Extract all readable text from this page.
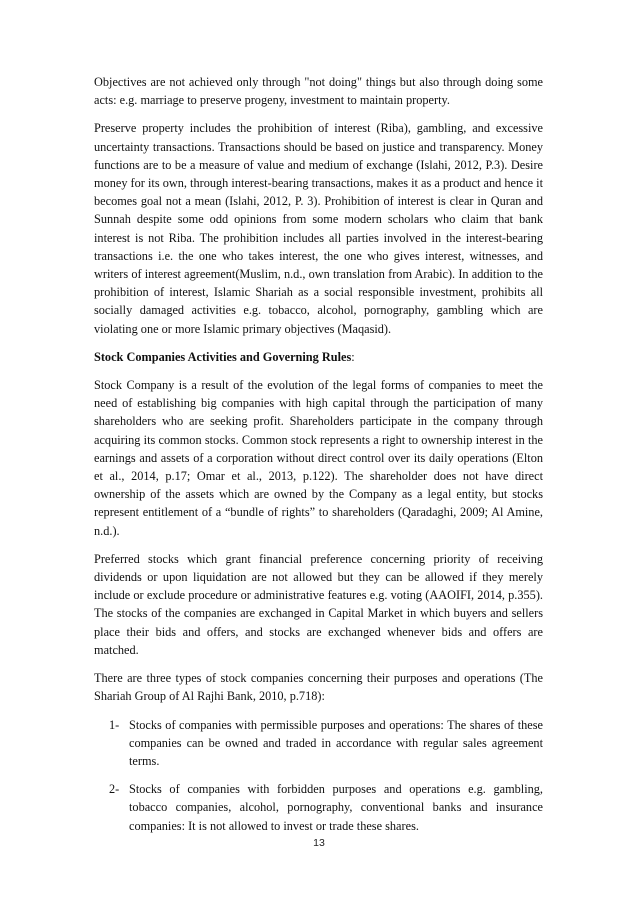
Objectives are not achieved only through "not doing" things but also through doing some acts: e.g. marriage to preserve progeny, investment to maintain property.

Preserve property includes the prohibition of interest (Riba), gambling, and excessive uncertainty transactions. Transactions should be based on justice and transparency. Money functions are to be a measure of value and medium of exchange (Islahi, 2012, P.3). Desire money for its own, through interest-bearing transactions, makes it as a product and hence it becomes goal not a mean (Islahi, 2012, P. 3). Prohibition of interest is clear in Quran and Sunnah despite some odd opinions from some modern scholars who claim that bank interest is not Riba. The prohibition includes all parties involved in the interest-bearing transactions i.e. the one who takes interest, the one who gives interest, witnesses, and writers of interest agreement(Muslim, n.d., own translation from Arabic). In addition to the prohibition of interest, Islamic Shariah as a social responsible investment, prohibits all socially damaged activities e.g. tobacco, alcohol, pornography, gambling which are violating one or more Islamic primary objectives (Maqasid).

Stock Companies Activities and Governing Rules:

Stock Company is a result of the evolution of the legal forms of companies to meet the need of establishing big companies with high capital through the participation of many shareholders who are seeking profit. Shareholders participate in the company through acquiring its common stocks. Common stock represents a right to ownership interest in the earnings and assets of a corporation without direct control over its daily operations (Elton et al., 2014, p.17; Omar et al., 2013, p.122). The shareholder does not have direct ownership of the assets which are owned by the Company as a legal entity, but stocks represent entitlement of a “bundle of rights” to shareholders (Qaradaghi, 2009; Al Amine, n.d.).

Preferred stocks which grant financial preference concerning priority of receiving dividends or upon liquidation are not allowed but they can be allowed if they merely include or exclude procedure or administrative features e.g. voting (AAOIFI, 2014, p.355). The stocks of the companies are exchanged in Capital Market in which buyers and sellers place their bids and offers, and stocks are exchanged whenever bids and offers are matched.

There are three types of stock companies concerning their purposes and operations (The Shariah Group of Al Rajhi Bank, 2010, p.718):

1- Stocks of companies with permissible purposes and operations: The shares of these companies can be owned and traded in accordance with regular sales agreement terms.
2- Stocks of companies with forbidden purposes and operations e.g. gambling, tobacco companies, alcohol, pornography, conventional banks and insurance companies: It is not allowed to invest or trade these shares.
13
